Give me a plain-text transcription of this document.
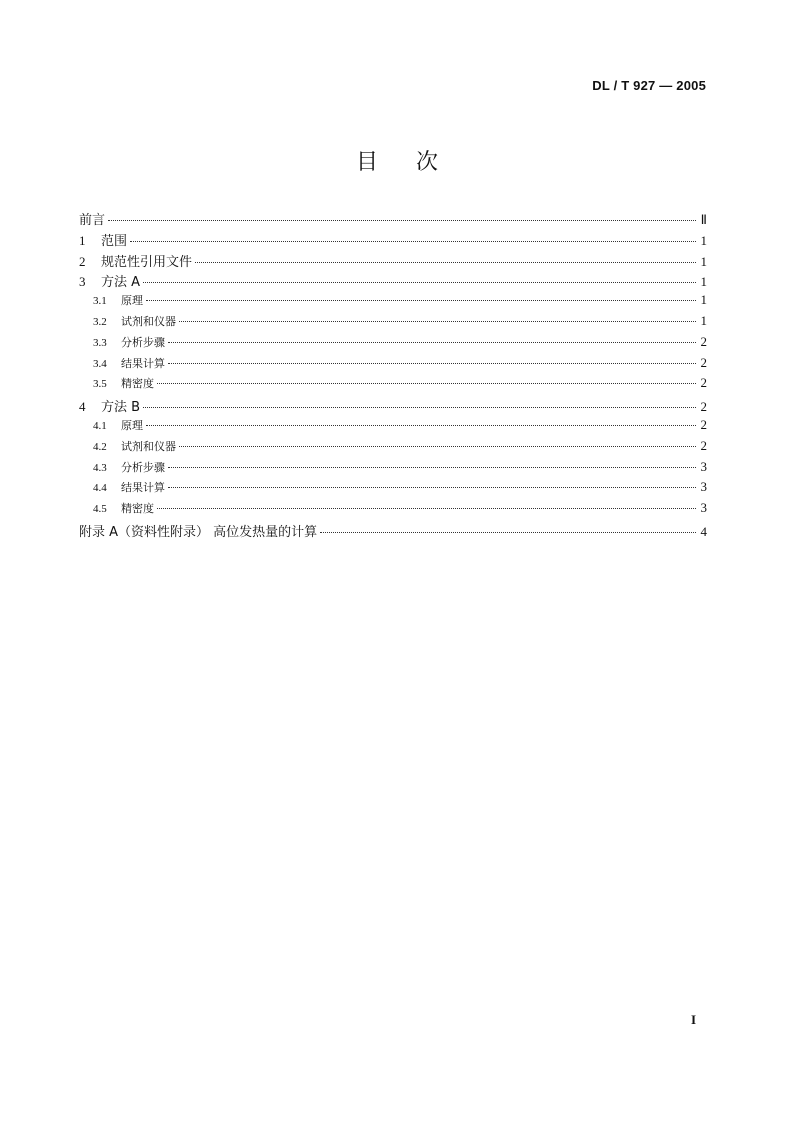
DL / T 927 — 2005
目次
前言	Ⅱ
1	范围	1
2	规范性引用文件	1
3	方法 A	1
3.1	原理	1
3.2	试剂和仪器	1
3.3	分析步骤	2
3.4	结果计算	2
3.5	精密度	2
4	方法 B	2
4.1	原理	2
4.2	试剂和仪器	2
4.3	分析步骤	3
4.4	结果计算	3
4.5	精密度	3
附录 A（资料性附录） 高位发热量的计算	4
I
